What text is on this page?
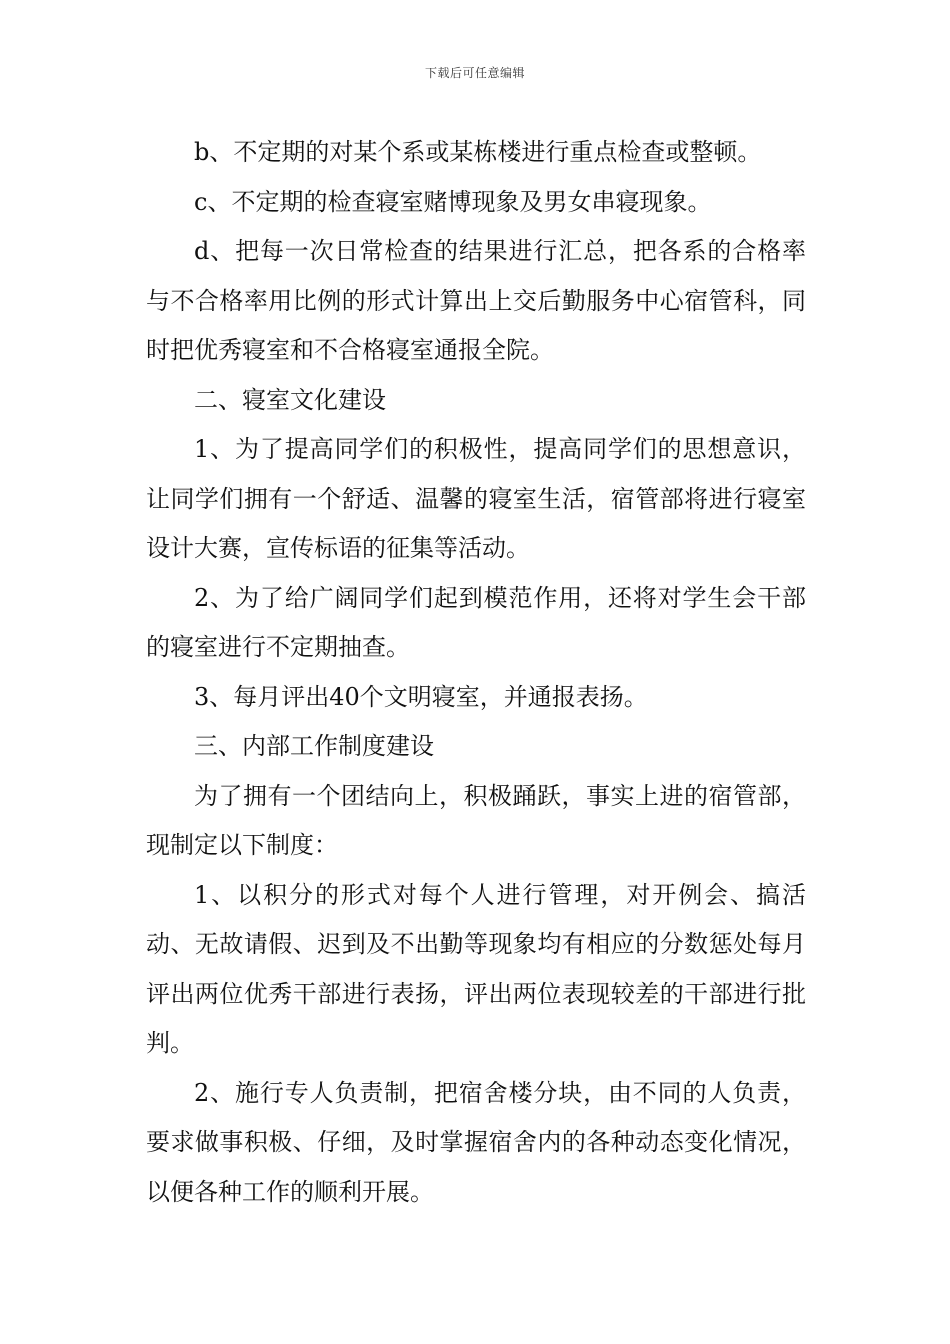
下载后可任意编辑

b、不定期的对某个系或某栋楼进行重点检查或整顿。

c、不定期的检查寝室赌博现象及男女串寝现象。

d、把每一次日常检查的结果进行汇总，把各系的合格率与不合格率用比例的形式计算出上交后勤服务中心宿管科，同时把优秀寝室和不合格寝室通报全院。

二、寝室文化建设

1、为了提高同学们的积极性，提高同学们的思想意识，让同学们拥有一个舒适、温馨的寝室生活，宿管部将进行寝室设计大赛，宣传标语的征集等活动。

2、为了给广阔同学们起到模范作用，还将对学生会干部的寝室进行不定期抽查。

3、每月评出40个文明寝室，并通报表扬。

三、内部工作制度建设

为了拥有一个团结向上，积极踊跃，事实上进的宿管部，现制定以下制度：

1、以积分的形式对每个人进行管理，对开例会、搞活动、无故请假、迟到及不出勤等现象均有相应的分数惩处每月评出两位优秀干部进行表扬，评出两位表现较差的干部进行批判。

2、施行专人负责制，把宿舍楼分块，由不同的人负责，要求做事积极、仔细，及时掌握宿舍内的各种动态变化情况，以便各种工作的顺利开展。
